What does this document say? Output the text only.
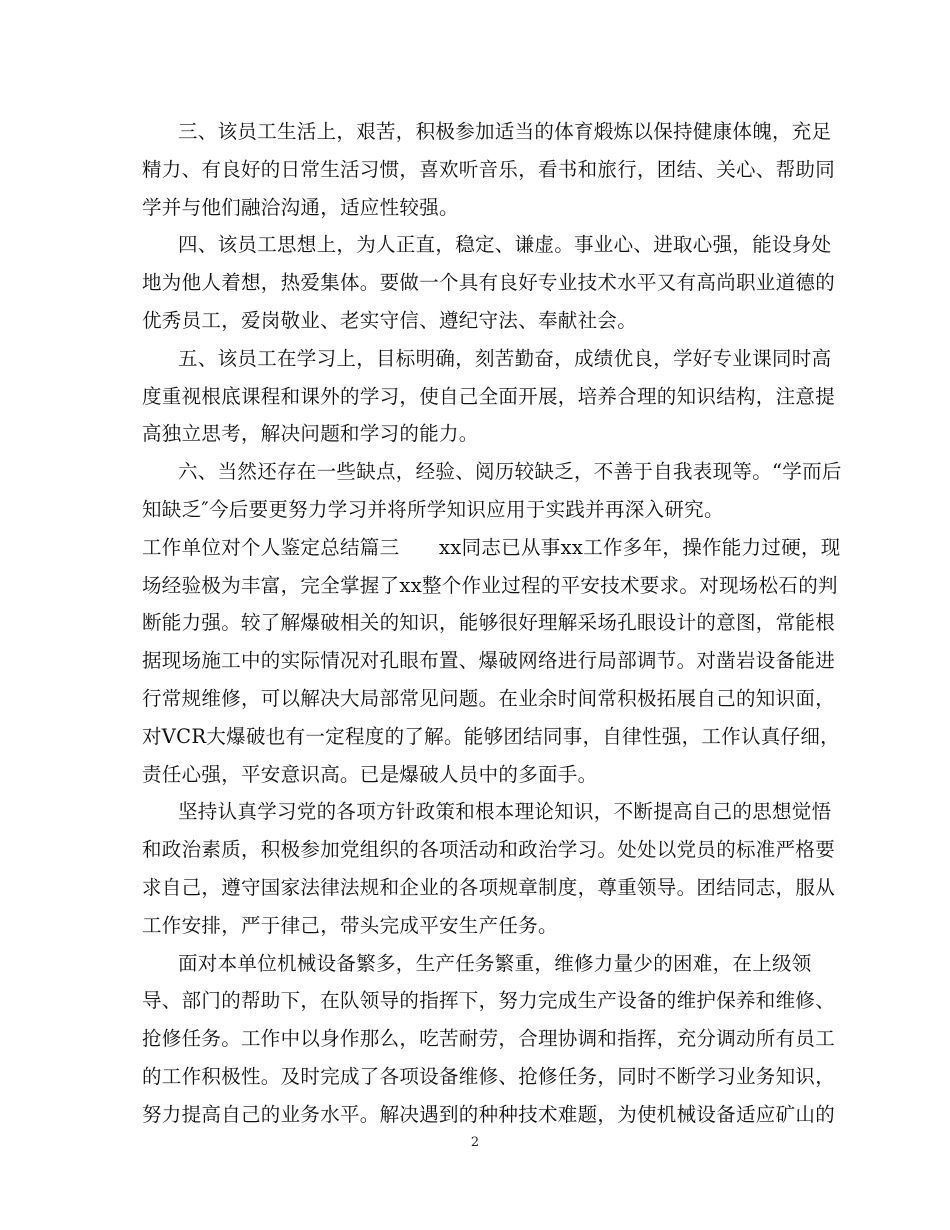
三、该员工生活上，艰苦，积极参加适当的体育煅炼以保持健康体魄，充足
精力、有良好的日常生活习惯，喜欢听音乐，看书和旅行，团结、关心、帮助同
学并与他们融洽沟通，适应性较强。
四、该员工思想上，为人正直，稳定、谦虚。事业心、进取心强，能设身处
地为他人着想，热爱集体。要做一个具有良好专业技术水平又有高尚职业道德的
优秀员工，爱岗敬业、老实守信、遵纪守法、奉献社会。
五、该员工在学习上，目标明确，刻苦勤奋，成绩优良，学好专业课同时高
度重视根底课程和课外的学习，使自己全面开展，培养合理的知识结构，注意提
高独立思考，解决问题和学习的能力。
六、当然还存在一些缺点，经验、阅历较缺乏，不善于自我表现等。“学而后
知缺乏″今后要更努力学习并将所学知识应用于实践并再深入研究。
工作单位对个人鉴定总结篇三　　xx同志已从事xx工作多年，操作能力过硬，现
场经验极为丰富，完全掌握了xx整个作业过程的平安技术要求。对现场松石的判
断能力强。较了解爆破相关的知识，能够很好理解采场孔眼设计的意图，常能根
据现场施工中的实际情况对孔眼布置、爆破网络进行局部调节。对凿岩设备能进
行常规维修，可以解决大局部常见问题。在业余时间常积极拓展自己的知识面，
对VCR大爆破也有一定程度的了解。能够团结同事，自律性强，工作认真仔细，
责任心强，平安意识高。已是爆破人员中的多面手。
坚持认真学习党的各项方针政策和根本理论知识，不断提高自己的思想觉悟
和政治素质，积极参加党组织的各项活动和政治学习。处处以党员的标准严格要
求自己，遵守国家法律法规和企业的各项规章制度，尊重领导。团结同志，服从
工作安排，严于律己，带头完成平安生产任务。
面对本单位机械设备繁多，生产任务繁重，维修力量少的困难，在上级领
导、部门的帮助下，在队领导的指挥下，努力完成生产设备的维护保养和维修、
抢修任务。工作中以身作那么，吃苦耐劳，合理协调和指挥，充分调动所有员工
的工作积极性。及时完成了各项设备维修、抢修任务，同时不断学习业务知识，
努力提高自己的业务水平。解决遇到的种种技术难题，为使机械设备适应矿山的
2
